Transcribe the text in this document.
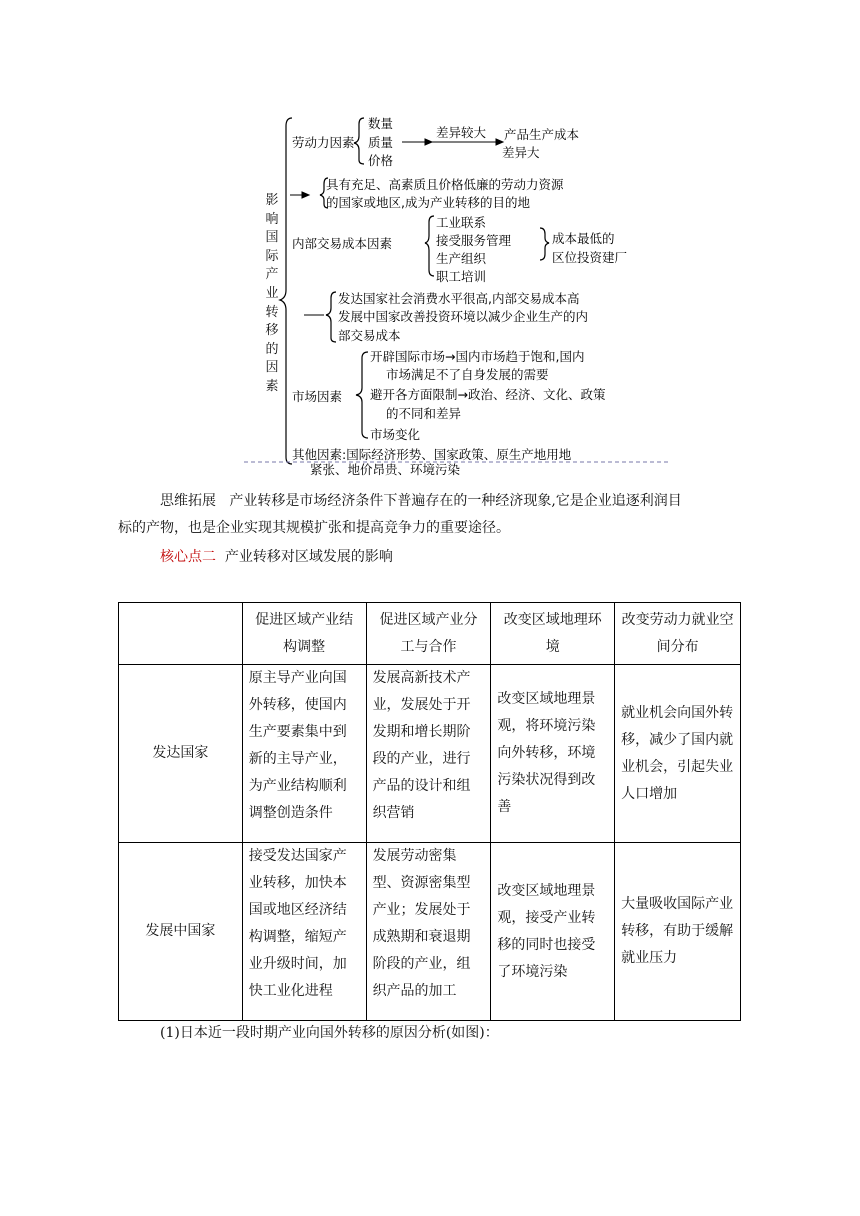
影
响
国
际
产
业
转
移
的
因
素
劳动力因素
数量
质量
价格
差异较大 产品生产成本
差异大
具有充足、高素质且价格低廉的劳动力资源
的国家或地区,成为产业转移的目的地
内部交易成本因素
工业联系
接受服务管理
生产组织
职工培训
成本最低的
区位投资建厂
发达国家社会消费水平很高,内部交易成本高
发展中国家改善投资环境以减少企业生产的内
部交易成本
市场因素
开辟国际市场→国内市场趋于饱和,国内
市场满足不了自身发展的需要
避开各方面限制→政治、经济、文化、政策
的不同和差异
市场变化
其他因素:国际经济形势、国家政策、原生产地用地
紧张、地价昂贵、环境污染
思维拓展 产业转移是市场经济条件下普遍存在的一种经济现象,它是企业追逐利润目
标的产物，也是企业实现其规模扩张和提高竞争力的重要途径。
核心点二 产业转移对区域发展的影响
	促进区域产业结构调整	促进区域产业分工与合作	改变区域地理环境	改变劳动力就业空间分布
发达国家	原主导产业向国外转移，使国内生产要素集中到新的主导产业，为产业结构顺利调整创造条件	发展高新技术产业，发展处于开发期和增长期阶段的产业，进行产品的设计和组织营销	改变区域地理景观，将环境污染向外转移，环境污染状况得到改善	就业机会向国外转移，减少了国内就业机会，引起失业人口增加
发展中国家	接受发达国家产业转移，加快本国或地区经济结构调整，缩短产业升级时间，加快工业化进程	发展劳动密集型、资源密集型产业；发展处于成熟期和衰退期阶段的产业，组织产品的加工	改变区域地理景观，接受产业转移的同时也接受了环境污染	大量吸收国际产业转移，有助于缓解就业压力
(1)日本近一段时期产业向国外转移的原因分析(如图)：
